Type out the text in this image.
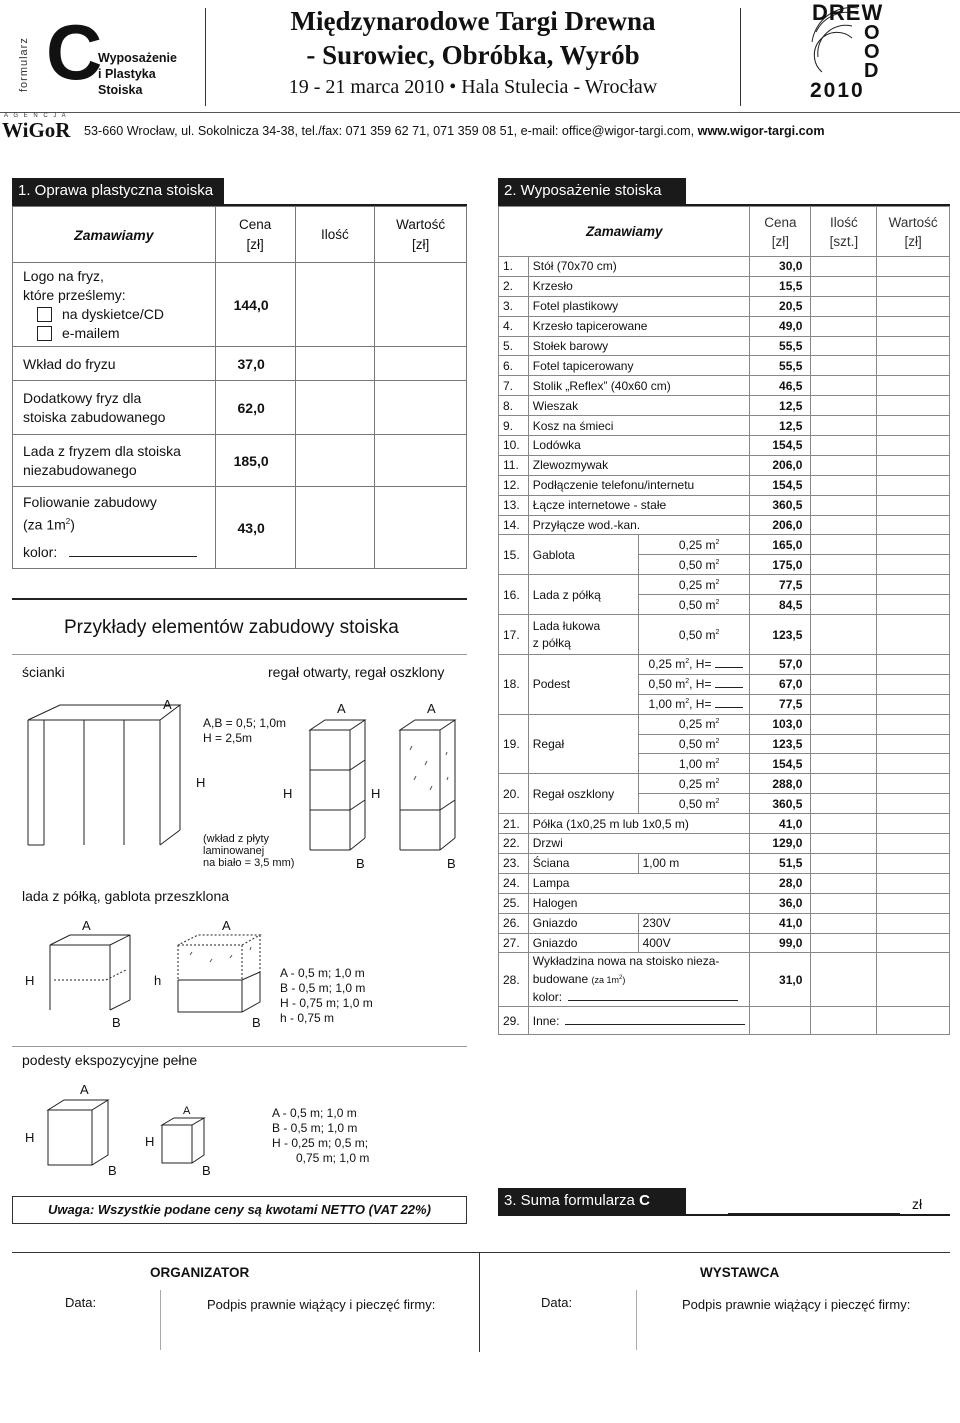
formularz C
Wyposażenie
i Plastyka
Stoiska
Międzynarodowe Targi Drewna
- Surowiec, Obróbka, Wyrób
19 - 21 marca 2010 • Hala Stulecia - Wrocław
DREW
O
O
D
2010
A G E N C J A
WiGoR 53-660 Wrocław, ul. Sokolnicza 34-38, tel./fax: 071 359 62 71, 071 359 08 51, e-mail: office@wigor-targi.com, www.wigor-targi.com
1. Oprawa plastyczna stoiska
Zamawiamy	Cena
[zł]	Ilość	Wartość
[zł]

Logo na fryz,
które prześlemy:
na dyskietce/CD
e-mailem	144,0		
Wkład do fryzu	37,0		

Dodatkowy fryz dla
stoiska zabudowanego	62,0		

Lada z fryzem dla stoiska
niezabudowanego	185,0		

Foliowanie zabudowy
(za $1m^2$)
kolor:	43,0		
Przykłady elementów zabudowy stoiska
ścianki	regał otwarty, regał oszklony
A
H
A,B = 0,5; 1,0m
H = 2,5m
(wkład z płyty
laminowanej
na biało = 3,5 mm)
A
H
B
A
H
B
lada z półką, gablota przeszklona
A
H
B
A
h
B
A - 0,5 m; 1,0 m
B - 0,5 m; 1,0 m
H - 0,75 m; 1,0 m
h - 0,75 m
podesty ekspozycyjne pełne
A
H
B
A
H
B
A - 0,5 m; 1,0 m
B - 0,5 m; 1,0 m
H - 0,25 m; 0,5 m;
0,75 m; 1,0 m
Uwaga: Wszystkie podane ceny są kwotami NETTO (VAT 22%)
2. Wyposażenie stoiska
Zamawiamy			Cena
[zł]	Ilość
[szt.]	Wartość
[zł]
1.	Stół (70x70 cm)		30,0		
2.	Krzesło		15,5		
3.	Fotel plastikowy		20,5		
4.	Krzesło tapicerowane		49,0		
5.	Stołek barowy		55,5		
6.	Fotel tapicerowany		55,5		
7.	Stolik „Reflex” (40x60 cm)		46,5		
8.	Wieszak		12,5		
9.	Kosz na śmieci		12,5		
10.	Lodówka		154,5		
11.	Zlewozmywak		206,0		
12.	Podłączenie telefonu/internetu		154,5		
13.	Łącze internetowe - stałe		360,5		
14.	Przyłącze wod.-kan.		206,0		
15.	Gablota	0,25 $m^2$	165,0		
		0,50 $m^2$	175,0		
16.	Lada z półką	0,25 $m^2$	77,5		
		0,50 $m^2$	84,5		
17.	Lada łukowa
z półką	0,50 $m^2$	123,5		
18.	Podest	0,25 $m^2$, H=	57,0		
		0,50 $m^2$, H=	67,0		
		1,00 $m^2$, H=	77,5		
19.	Regał	0,25 $m^2$	103,0		
		0,50 $m^2$	123,5		
		1,00 $m^2$	154,5		
20.	Regał oszklony	0,25 $m^2$	288,0		
		0,50 $m^2$	360,5		
21.	Półka (1x0,25 m lub 1x0,5 m)		41,0		
22.	Drzwi		129,0		
23.	Ściana	1,00 m	51,5		
24.	Lampa		28,0		
25.	Halogen		36,0		
26.	Gniazdo	230V	41,0		
27.	Gniazdo	400V	99,0		
28.	Wykładzina nowa na stoisko nieza-
budowane (za $1m^2$)
kolor:		31,0		
29.	Inne:				
3. Suma formularza C	zł
ORGANIZATOR	WYSTAWCA
Data:	Podpis prawnie wiążący i pieczęć firmy:	Data:	Podpis prawnie wiążący i pieczęć firmy:
